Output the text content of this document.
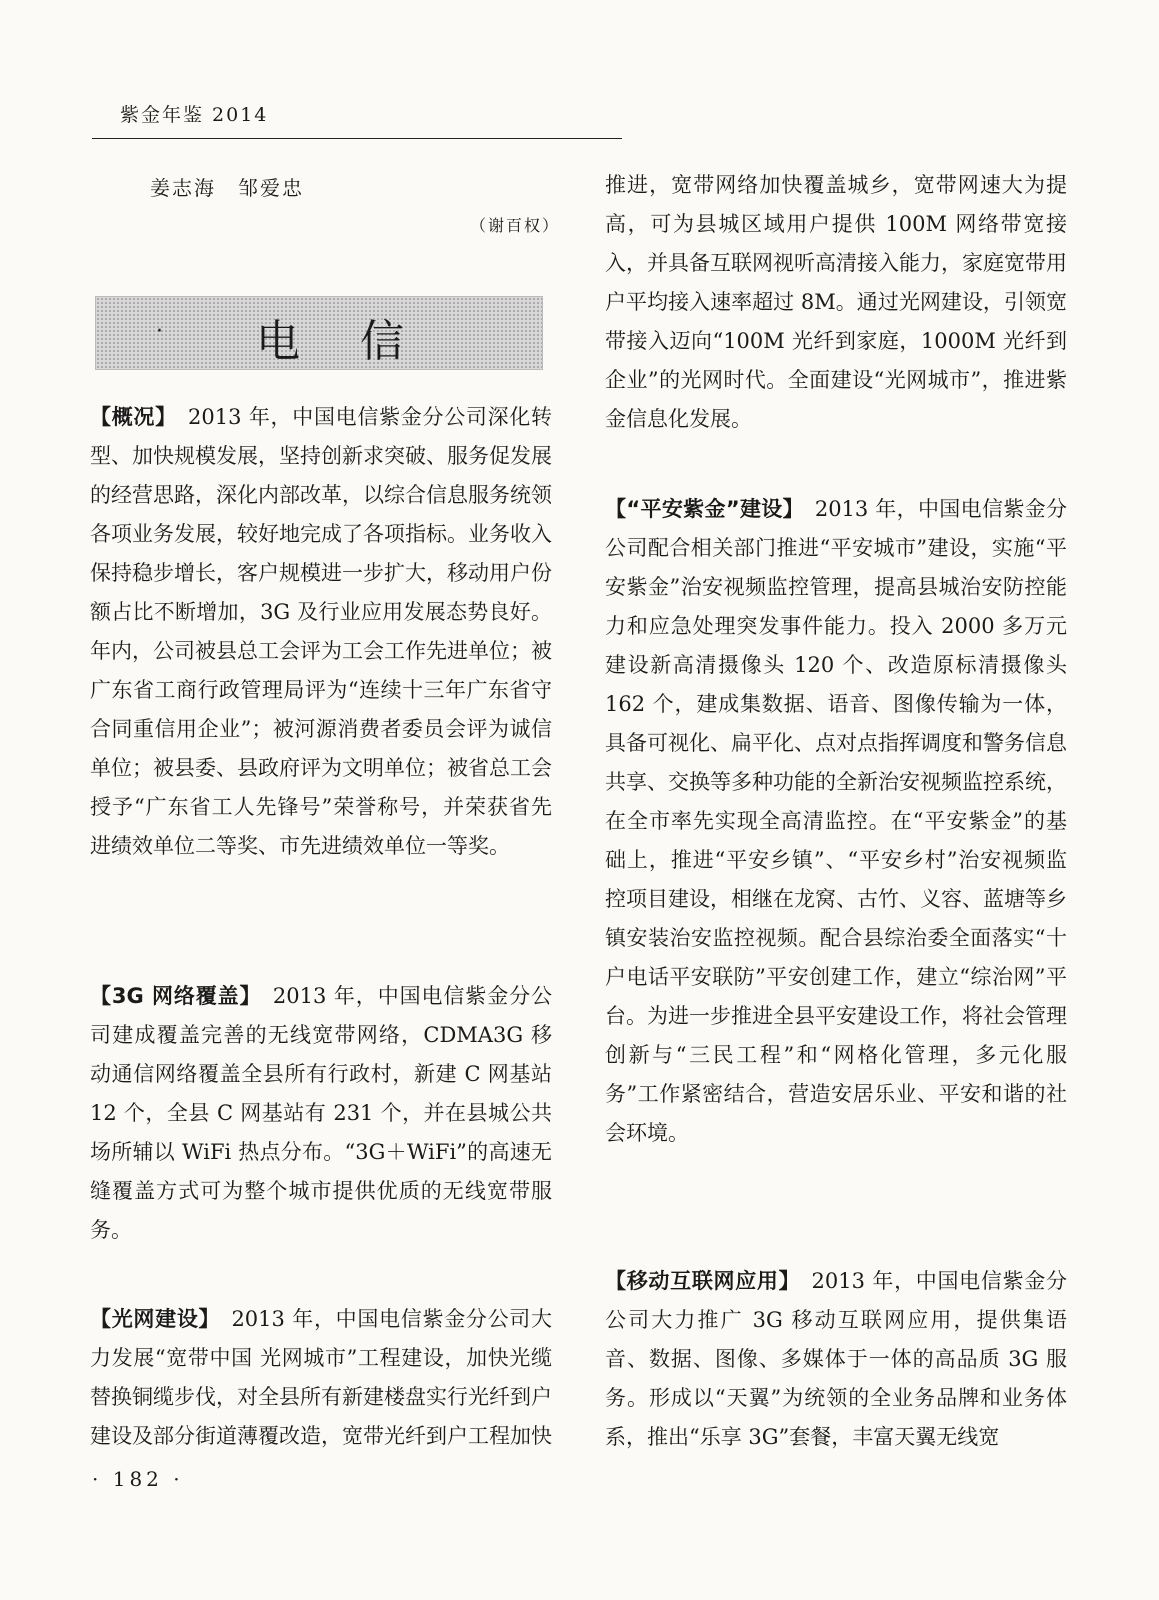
紫金年鉴 2014
姜志海　邹爱忠
（谢百权）
· 电信

【概况】　2013 年，中国电信紫金分公司深化转型、加快规模发展，坚持创新求突破、服务促发展的经营思路，深化内部改革，以综合信息服务统领各项业务发展，较好地完成了各项指标。业务收入保持稳步增长，客户规模进一步扩大，移动用户份额占比不断增加，3G 及行业应用发展态势良好。年内，公司被县总工会评为工会工作先进单位；被广东省工商行政管理局评为“连续十三年广东省守合同重信用企业”；被河源消费者委员会评为诚信单位；被县委、县政府评为文明单位；被省总工会授予“广东省工人先锋号”荣誉称号，并荣获省先进绩效单位二等奖、市先进绩效单位一等奖。

【3G 网络覆盖】　2013 年，中国电信紫金分公司建成覆盖完善的无线宽带网络，CDMA3G 移动通信网络覆盖全县所有行政村，新建 C 网基站 12 个，全县 C 网基站有 231 个，并在县城公共场所辅以 WiFi 热点分布。“3G＋WiFi”的高速无缝覆盖方式可为整个城市提供优质的无线宽带服务。

【光网建设】　2013 年，中国电信紫金分公司大力发展“宽带中国 光网城市”工程建设，加快光缆替换铜缆步伐，对全县所有新建楼盘实行光纤到户建设及部分街道薄覆改造，宽带光纤到户工程加快

　 推进，宽带网络加快覆盖城乡，宽带网速大为提高，可为县城区域用户提供 100M 网络带宽接入，并具备互联网视听高清接入能力，家庭宽带用户平均接入速率超过 8M。通过光网建设，引领宽带接入迈向“100M 光纤到家庭，1000M 光纤到企业”的光网时代。全面建设“光网城市”，推进紫金信息化发展。

【“平安紫金”建设】　2013 年，中国电信紫金分公司配合相关部门推进“平安城市”建设，实施“平安紫金”治安视频监控管理，提高县城治安防控能力和应急处理突发事件能力。投入 2000 多万元建设新高清摄像头 120 个、改造原标清摄像头 162 个，建成集数据、语音、图像传输为一体，具备可视化、扁平化、点对点指挥调度和警务信息共享、交换等多种功能的全新治安视频监控系统，在全市率先实现全高清监控。在“平安紫金”的基础上，推进“平安乡镇”、“平安乡村”治安视频监控项目建设，相继在龙窝、古竹、义容、蓝塘等乡镇安装治安监控视频。配合县综治委全面落实“十户电话平安联防”平安创建工作，建立“综治网”平台。为进一步推进全县平安建设工作，将社会管理创新与“三民工程”和“网格化管理，多元化服务”工作紧密结合，营造安居乐业、平安和谐的社会环境。

【移动互联网应用】　2013 年，中国电信紫金分公司大力推广 3G 移动互联网应用，提供集语音、数据、图像、多媒体于一体的高品质 3G 服务。形成以“天翼”为统领的全业务品牌和业务体系，推出“乐享 3G”套餐，丰富天翼无线宽

· 182 ·
